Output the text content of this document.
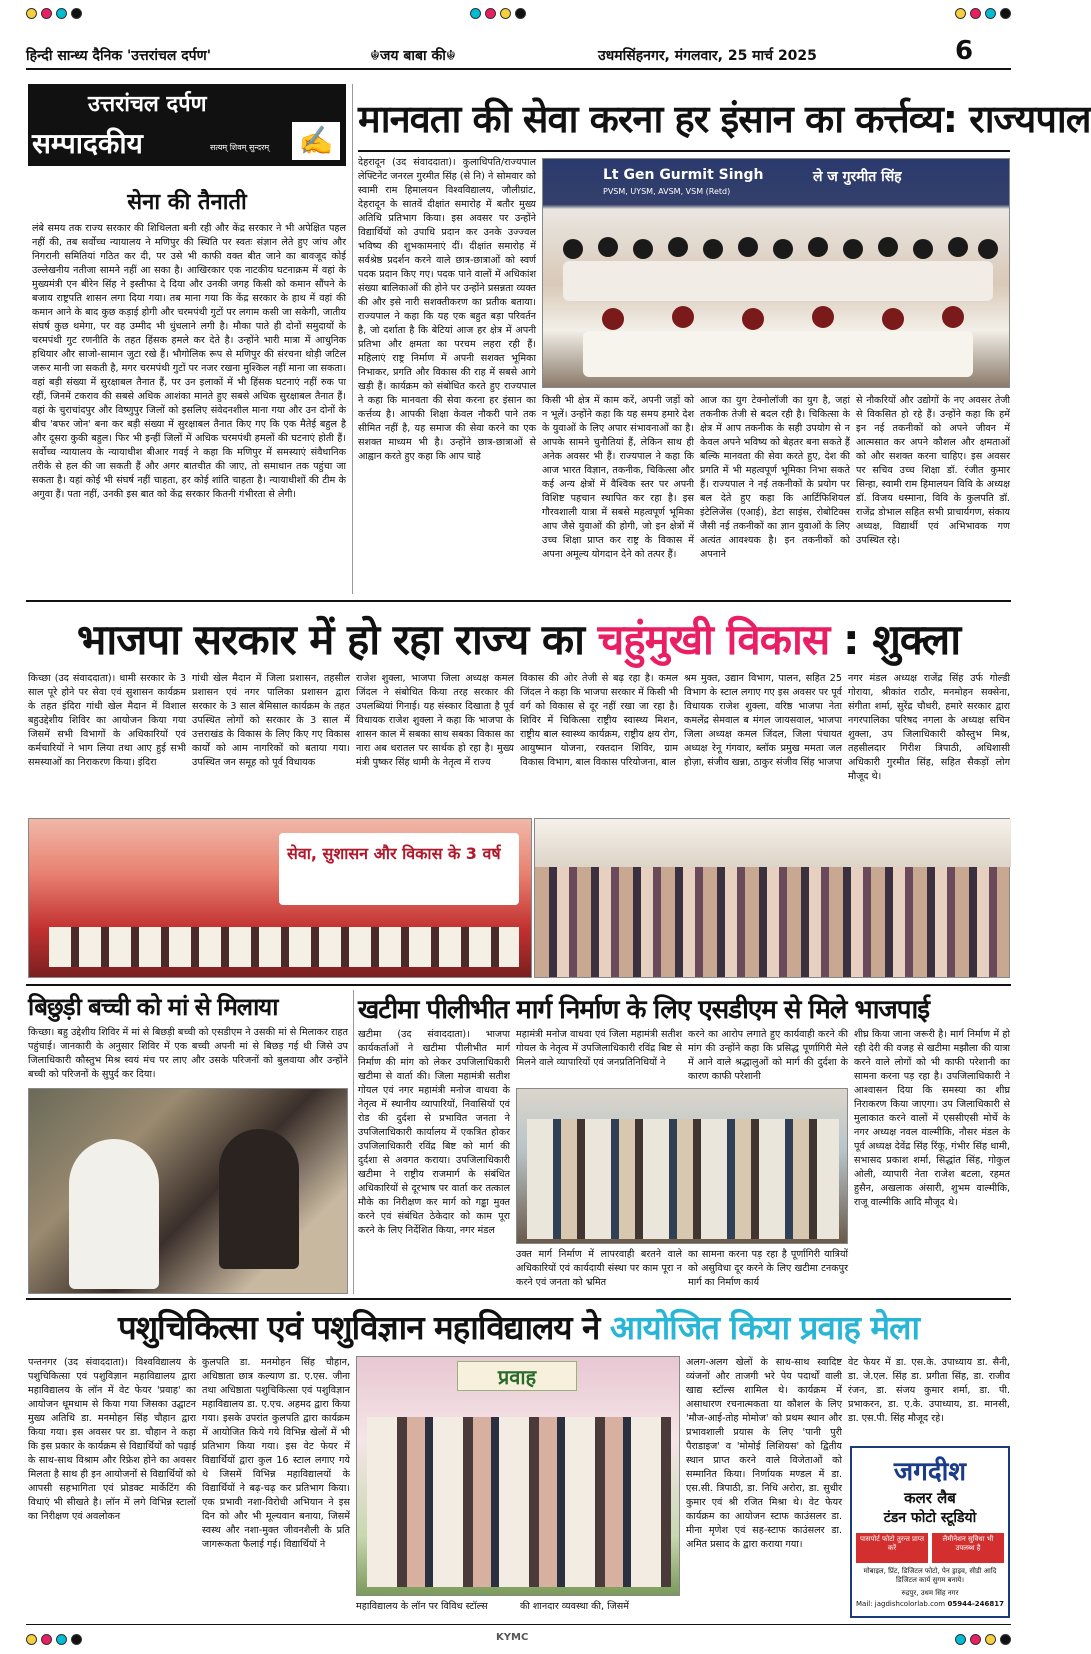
हिन्दी सान्ध्य दैनिक 'उत्तरांचल दर्पण'	☬जय बाबा की☬	उधमसिंहनगर, मंगलवार, 25 मार्च 2025	6
उत्तरांचल दर्पण
सम्पादकीय	सत्यम् शिवम् सुन्दरम् ✍
सेना की तैनाती
लंबे समय तक राज्य सरकार की शिथिलता बनी रही और केंद्र सरकार ने भी अपेक्षित पहल नहीं की, तब सर्वोच्च न्यायालय ने मणिपुर की स्थिति पर स्वतः संज्ञान लेते हुए जांच और निगरानी समितियां गठित कर दी, पर उसे भी काफी वक्त बीत जाने का बावजूद कोई उल्लेखनीय नतीजा सामने नहीं आ सका है। आखिरकार एक नाटकीय घटनाक्रम में वहां के मुख्यमंत्री एन बीरेन सिंह ने इस्तीफा दे दिया और उनकी जगह किसी को कमान सौंपने के बजाय राष्ट्रपति शासन लगा दिया गया। तब माना गया कि केंद्र सरकार के हाथ में वहां की कमान आने के बाद कुछ कड़ाई होगी और चरमपंथी गुटों पर लगाम कसी जा सकेगी, जातीय संघर्ष कुछ थमेगा, पर वह उम्मीद भी धुंधलाने लगी है। मौका पाते ही दोनों समुदायों के चरमपंथी गुट रणनीति के तहत हिंसक हमले कर देते है। उन्होंने भारी मात्रा में आधुनिक हथियार और साजो-सामान जुटा रखे हैं। भौगोलिक रूप से मणिपुर की संरचना थोड़ी जटिल जरूर मानी जा सकती है, मगर चरमपंथी गुटों पर नजर रखना मुश्किल नहीं माना जा सकता। वहां बड़ी संख्या में सुरक्षाबल तैनात हैं, पर उन इलाकों में भी हिंसक घटनाएं नहीं रुक पा रहीं, जिनमें टकराव की सबसे अधिक आशंका मानते हुए सबसे अधिक सुरक्षाबल तैनात हैं। वहां के चुराचांदपुर और विष्णुपुर जिलों को इसलिए संवेदनशील माना गया और उन दोनों के बीच 'बफर जोन' बना कर बड़ी संख्या में सुरक्षाबल तैनात किए गए कि एक मैतेई बहुल है और दूसरा कुकी बहुल। फिर भी इन्हीं जिलों में अधिक चरमपंथी हमलों की घटनाएं होती हैं। सर्वोच्च न्यायालय के न्यायाधीश बीआर गवई ने कहा कि मणिपुर में समस्याएं संवैधानिक तरीके से हल की जा सकती हैं और अगर बातचीत की जाए, तो समाधान तक पहुंचा जा सकता है। यहां कोई भी संघर्ष नहीं चाहता, हर कोई शांति चाहता है। न्यायाधीशों की टीम के अगुवा हैं। पता नहीं, उनकी इस बात को केंद्र सरकार कितनी गंभीरता से लेगी।
मानवता की सेवा करना हर इंसान का कर्त्तव्य: राज्यपाल
Lt Gen Gurmit Singh
PVSM, UYSM, AVSM, VSM (Retd)
ले ज गुरमीत सिंह
देहरादून (उद संवाददाता)। कुलाधिपति/राज्यपाल लेफ्टिनेंट जनरल गुरमीत सिंह (से नि) ने सोमवार को स्वामी राम हिमालयन विश्वविद्यालय, जौलीग्रांट, देहरादून के सातवें दीक्षांत समारोह में बतौर मुख्य अतिथि प्रतिभाग किया। इस अवसर पर उन्होंने विद्यार्थियों को उपाधि प्रदान कर उनके उज्ज्वल भविष्य की शुभकामनाएं दीं। दीक्षांत समारोह में सर्वश्रेष्ठ प्रदर्शन करने वाले छात्र-छात्राओं को स्वर्ण पदक प्रदान किए गए। पदक पाने वालों में अधिकांश संख्या बालिकाओं की होने पर उन्होंने प्रसन्नता व्यक्त की और इसे नारी सशक्तीकरण का प्रतीक बताया। राज्यपाल ने कहा कि यह एक बहुत बड़ा परिवर्तन है, जो दर्शाता है कि बेटियां आज हर क्षेत्र में अपनी प्रतिभा और क्षमता का परचम लहरा रही हैं। महिलाएं राष्ट्र निर्माण में अपनी सशक्त भूमिका निभाकर, प्रगति और विकास की राह में सबसे आगे खड़ी हैं। कार्यक्रम को संबोधित करते हुए राज्यपाल ने कहा कि मानवता की सेवा करना हर इंसान का कर्त्तव्य है। आपकी शिक्षा केवल नौकरी पाने तक सीमित नहीं है, यह समाज की सेवा करने का एक सशक्त माध्यम भी है। उन्होंने छात्र-छात्राओं से आह्वान करते हुए कहा कि आप चाहे
किसी भी क्षेत्र में काम करें, अपनी जड़ों को न भूलें। उन्होंने कहा कि यह समय हमारे देश के युवाओं के लिए अपार संभावनाओं का है। आपके सामने चुनौतियां हैं, लेकिन साथ ही अनेक अवसर भी हैं। राज्यपाल ने कहा कि आज भारत विज्ञान, तकनीक, चिकित्सा और कई अन्य क्षेत्रों में वैश्विक स्तर पर अपनी विशिष्ट पहचान स्थापित कर रहा है। इस गौरवशाली यात्रा में सबसे महत्वपूर्ण भूमिका आप जैसे युवाओं की होगी, जो इन क्षेत्रों में उच्च शिक्षा प्राप्त कर राष्ट्र के विकास में अपना अमूल्य योगदान देने को तत्पर हैं।
आज का युग टेक्नोलॉजी का युग है, जहां तकनीक तेजी से बदल रही है। चिकित्सा के क्षेत्र में आप तकनीक के सही उपयोग से न केवल अपने भविष्य को बेहतर बना सकते हैं बल्कि मानवता की सेवा करते हुए, देश की प्रगति में भी महत्वपूर्ण भूमिका निभा सकते हैं। राज्यपाल ने नई तकनीकों के प्रयोग पर बल देते हुए कहा कि आर्टिफिशियल इंटेलिजेंस (एआई), डेटा साइंस, रोबोटिक्स जैसी नई तकनीकों का ज्ञान युवाओं के लिए अत्यंत आवश्यक है। इन तकनीकों को अपनाने
से नौकरियों और उद्योगों के नए अवसर तेजी से विकसित हो रहे हैं। उन्होंने कहा कि हमें इन नई तकनीकों को अपने जीवन में आत्मसात कर अपने कौशल और क्षमताओं को और सशक्त करना चाहिए। इस अवसर पर सचिव उच्च शिक्षा डॉ. रंजीत कुमार सिन्हा, स्वामी राम हिमालयन विवि के अध्यक्ष डॉ. विजय धस्माना, विवि के कुलपति डॉ. राजेंद्र डोभाल सहित सभी प्राचार्यगण, संकाय अध्यक्ष, विद्यार्थी एवं अभिभावक गण उपस्थित रहे।
भाजपा सरकार में हो रहा राज्य का चहुंमुखी विकास : शुक्ला
किच्छा (उद संवाददाता)। धामी सरकार के 3 साल पूरे होने पर सेवा एवं सुशासन कार्यक्रम के तहत इंदिरा गांधी खेल मैदान में विशाल बहुउद्देशीय शिविर का आयोजन किया गया जिसमें सभी विभागों के अधिकारियों एवं कर्मचारियों ने भाग लिया तथा आए हुई सभी समस्याओं का निराकरण किया। इंदिरा
गांधी खेल मैदान में जिला प्रशासन, तहसील प्रशासन एवं नगर पालिका प्रशासन द्वारा सरकार के 3 साल बेमिसाल कार्यक्रम के तहत उपस्थित लोगों को सरकार के 3 साल में उत्तराखंड के विकास के लिए किए गए विकास कार्यों को आम नागरिकों को बताया गया। उपस्थित जन समूह को पूर्व विधायक
राजेश शुक्ला, भाजपा जिला अध्यक्ष कमल जिंदल ने संबोधित किया तरह सरकार की उपलब्धियां गिनाई। यह संस्कार दिखाता है पूर्व विधायक राजेश शुक्ला ने कहा कि भाजपा के शासन काल में सबका साथ सबका विकास का नारा अब धरातल पर सार्थक हो रहा है। मुख्य मंत्री पुष्कर सिंह धामी के नेतृत्व में राज्य
विकास की ओर तेजी से बढ़ रहा है। कमल जिंदल ने कहा कि भाजपा सरकार में किसी भी वर्ग को विकास से दूर नहीं रखा जा रहा है। शिविर में चिकित्सा राष्ट्रीय स्वास्थ्य मिशन, राष्ट्रीय बाल स्वास्थ्य कार्यक्रम, राष्ट्रीय क्षय रोग, आयुष्मान योजना, रक्तदान शिविर, ग्राम विकास विभाग, बाल विकास परियोजना, बाल
श्रम मुक्त, उद्यान विभाग, पालन, सहित 25 विभाग के स्टाल लगाए गए इस अवसर पर पूर्व विधायक राजेश शुक्ला, वरिष्ठ भाजपा नेता कमलेंद्र सेमवाल ब मंगल जायसवाल, भाजपा जिला अध्यक्ष कमल जिंदल, जिला पंचायत अध्यक्ष रेनू गंगवार, ब्लॉक प्रमुख ममता जल होज़ा, संजीव खन्ना, ठाकुर संजीव सिंह भाजपा
नगर मंडल अध्यक्ष राजेंद्र सिंह उर्फ गोल्डी गोराया, श्रीकांत राठौर, मनमोहन सक्सेना, संगीता शर्मा, सुरेंद्र चौधरी, हमारे सरकार द्वारा नगरपालिका परिषद नगला के अध्यक्ष सचिन शुक्ला, उप जिलाधिकारी कौस्तुभ मिश्र, तहसीलदार गिरीश त्रिपाठी, अधिशासी अधिकारी गुरमीत सिंह, सहित सैकड़ों लोग मौजूद थे।
सेवा, सुशासन और विकास के 3 वर्ष
बिछुड़ी बच्ची को मां से मिलाया
किच्छा। बहु उद्देशीय शिविर में मां से बिछड़ी बच्ची को एसडीएम ने उसकी मां से मिलाकर राहत पहुंचाई। जानकारी के अनुसार शिविर में एक बच्ची अपनी मां से बिछड़ गई थी जिसे उप जिलाधिकारी कौस्तुभ मिश्र स्वयं मंच पर लाए और उसके परिजनों को बुलवाया और उन्होंने बच्ची को परिजनों के सुपुर्द कर दिया।
खटीमा पीलीभीत मार्ग निर्माण के लिए एसडीएम से मिले भाजपाई
खटीमा (उद संवाददाता)। भाजपा कार्यकर्ताओं ने खटीमा पीलीभीत मार्ग निर्माण की मांग को लेकर उपजिलाधिकारी खटीमा से वार्ता की। जिला महामंत्री सतीश गोयल एवं नगर महामंत्री मनोज वाधवा के नेतृत्व में स्थानीय व्यापारियों, निवासियों एवं रोड की दुर्दशा से प्रभावित जनता ने उपजिलाधिकारी कार्यालय में एकत्रित होकर उपजिलाधिकारी रविंद्र बिष्ट को मार्ग की दुर्दशा से अवगत कराया। उपजिलाधिकारी खटीमा ने राष्ट्रीय राजमार्ग के संबंधित अधिकारियों से दूरभाष पर वार्ता कर तत्काल मौके का निरीक्षण कर मार्ग को गड्ढा मुक्त करने एवं संबंधित ठेकेदार को काम पूरा करने के लिए निर्देशित किया, नगर मंडल
महामंत्री मनोज वाधवा एवं जिला महामंत्री सतीश गोयल के नेतृत्व में उपजिलाधिकारी रविंद्र बिष्ट से मिलने वाले व्यापारियों एवं जनप्रतिनिधियों ने
करने का आरोप लगाते हुए कार्यवाही करने की मांग की उन्होंने कहा कि प्रसिद्ध पूर्णागिरी मेले में आने वाले श्रद्धालुओं को मार्ग की दुर्दशा के कारण काफी परेशानी
उक्त मार्ग निर्माण में लापरवाही बरतने वाले अधिकारियों एवं कार्यदायी संस्था पर काम पूरा न करने एवं जनता को भ्रमित
का सामना करना पड़ रहा है पूर्णागिरी यात्रियों को असुविधा दूर करने के लिए खटीमा टनकपुर मार्ग का निर्माण कार्य
शीघ्र किया जाना जरूरी है। मार्ग निर्माण में हो रही देरी की वजह से खटीमा मझौला की यात्रा करने वाले लोगों को भी काफी परेशानी का सामना करना पड़ रहा है। उपजिलाधिकारी ने आश्वासन दिया कि समस्या का शीघ्र निराकरण किया जाएगा। उप जिलाधिकारी से मुलाकात करने वालों में एससीएसी मोर्चे के नगर अध्यक्ष नवल वाल्मीकि, नौसर मंडल के पूर्व अध्यक्ष देवेंद्र सिंह रिंकू, गंभीर सिंह धामी, सभासद प्रकाश शर्मा, सिद्धांत सिंह, गोकुल ओली, व्यापारी नेता राजेश बटला, रहमत हुसैन, अखलाक अंसारी, शुभम वाल्मीकि, राजू वाल्मीकि आदि मौजूद थे।
पशुचिकित्सा एवं पशुविज्ञान महाविद्यालय ने आयोजित किया प्रवाह मेला
पन्तनगर (उद संवाददाता)। विश्वविद्यालय के पशुचिकित्सा एवं पशुविज्ञान महाविद्यालय द्वारा महाविद्यालय के लॉन में वेट फेयर 'प्रवाह' का आयोजन धूमधाम से किया गया जिसका उद्घाटन मुख्य अतिथि डा. मनमोहन सिंह चौहान द्वारा किया गया। इस अवसर पर डा. चौहान ने कहा कि इस प्रकार के कार्यक्रम से विद्यार्थियों को पढ़ाई के साथ-साथ विश्राम और रिफ्रेश होने का अवसर मिलता है साथ ही इन आयोजनों से विद्यार्थियों को आपसी सहभागिता एवं प्रोडक्ट मार्केटिंग की विधाएं भी सीखते है। लॉन में लगे विभिन्न स्टालों का निरीक्षण एवं अवलोकन
कुलपति डा. मनमोहन सिंह चौहान, अधिष्ठाता छात्र कल्याण डा. ए.एस. जीना तथा अधिष्ठाता पशुचिकित्सा एवं पशुविज्ञान महाविद्यालय डा. ए.एच. अहमद द्वारा किया गया। इसके उपरांत कुलपति द्वारा कार्यक्रम में आयोजित किये गये विभिन्न खेलों में भी प्रतिभाग किया गया। इस वेट फेयर में विद्यार्थियों द्वारा कुल 16 स्टाल लगाए गये थे जिसमें विभिन्न महाविद्यालयों के विद्यार्थियों ने बढ़-चढ़ कर प्रतिभाग किया। एक प्रभावी नशा-विरोधी अभियान ने इस दिन को और भी मूल्यवान बनाया, जिसमें स्वस्थ और नशा-मुक्त जीवनशैली के प्रति जागरूकता फैलाई गई। विद्यार्थियों ने
प्रवाह
महाविद्यालय के लॉन पर विविध स्टॉल्स	की शानदार व्यवस्था की, जिसमें
अलग-अलग खेलों के साथ-साथ स्वादिष्ट व्यंजनों और ताजगी भरे पेय पदार्थों वाली खाद्य स्टॉल्स शामिल थे। कार्यक्रम में असाधारण रचनात्मकता या कौशल के लिए 'मौज-आई-तोह मोमोज' को प्रथम स्थान और प्रभावशाली प्रयास के लिए 'पानी पुरी पैराडाइज' व 'मोमोई लिशियस' को द्वितीय स्थान प्राप्त करने वाले विजेताओं को सम्मानित किया। निर्णायक मण्डल में डा. एस.सी. त्रिपाठी, डा. निधि अरोरा, डा. सुधीर कुमार एवं श्री रजित मिश्रा थे। वेट फेयर कार्यक्रम का आयोजन स्टाफ काउंसलर डा. मीना मृणेश एवं सह-स्टाफ काउंसलर डा. अमित प्रसाद के द्वारा कराया गया।
वेट फेयर में डा. एस.के. उपाध्याय डा. सैनी, डा. जे.एल. सिंह डा. प्रगीता सिंह, डा. राजीव रंजन, डा. संजय कुमार शर्मा, डा. पी. प्रभाकरन, डा. ए.के. उपाध्याय, डा. मानसी, डा. एस.पी. सिंह मौजूद रहे।
जगदीश
कलर लैब
टंडन फोटो स्टूडियो
पासपोर्ट फोटो तुरन्त प्राप्त करें
लैमीनेशन सुविधा भी उपलब्ध है
मोबाइल, प्रिंट, डिजिटल फोटो, पेन ड्राइव, सीडी आदि डिजिटल कार्य सुगम बनाये।
रुद्रपुर, उधम सिंह नगर
Mail: jagdishcolorlab.com 05944-246817
KYMC
